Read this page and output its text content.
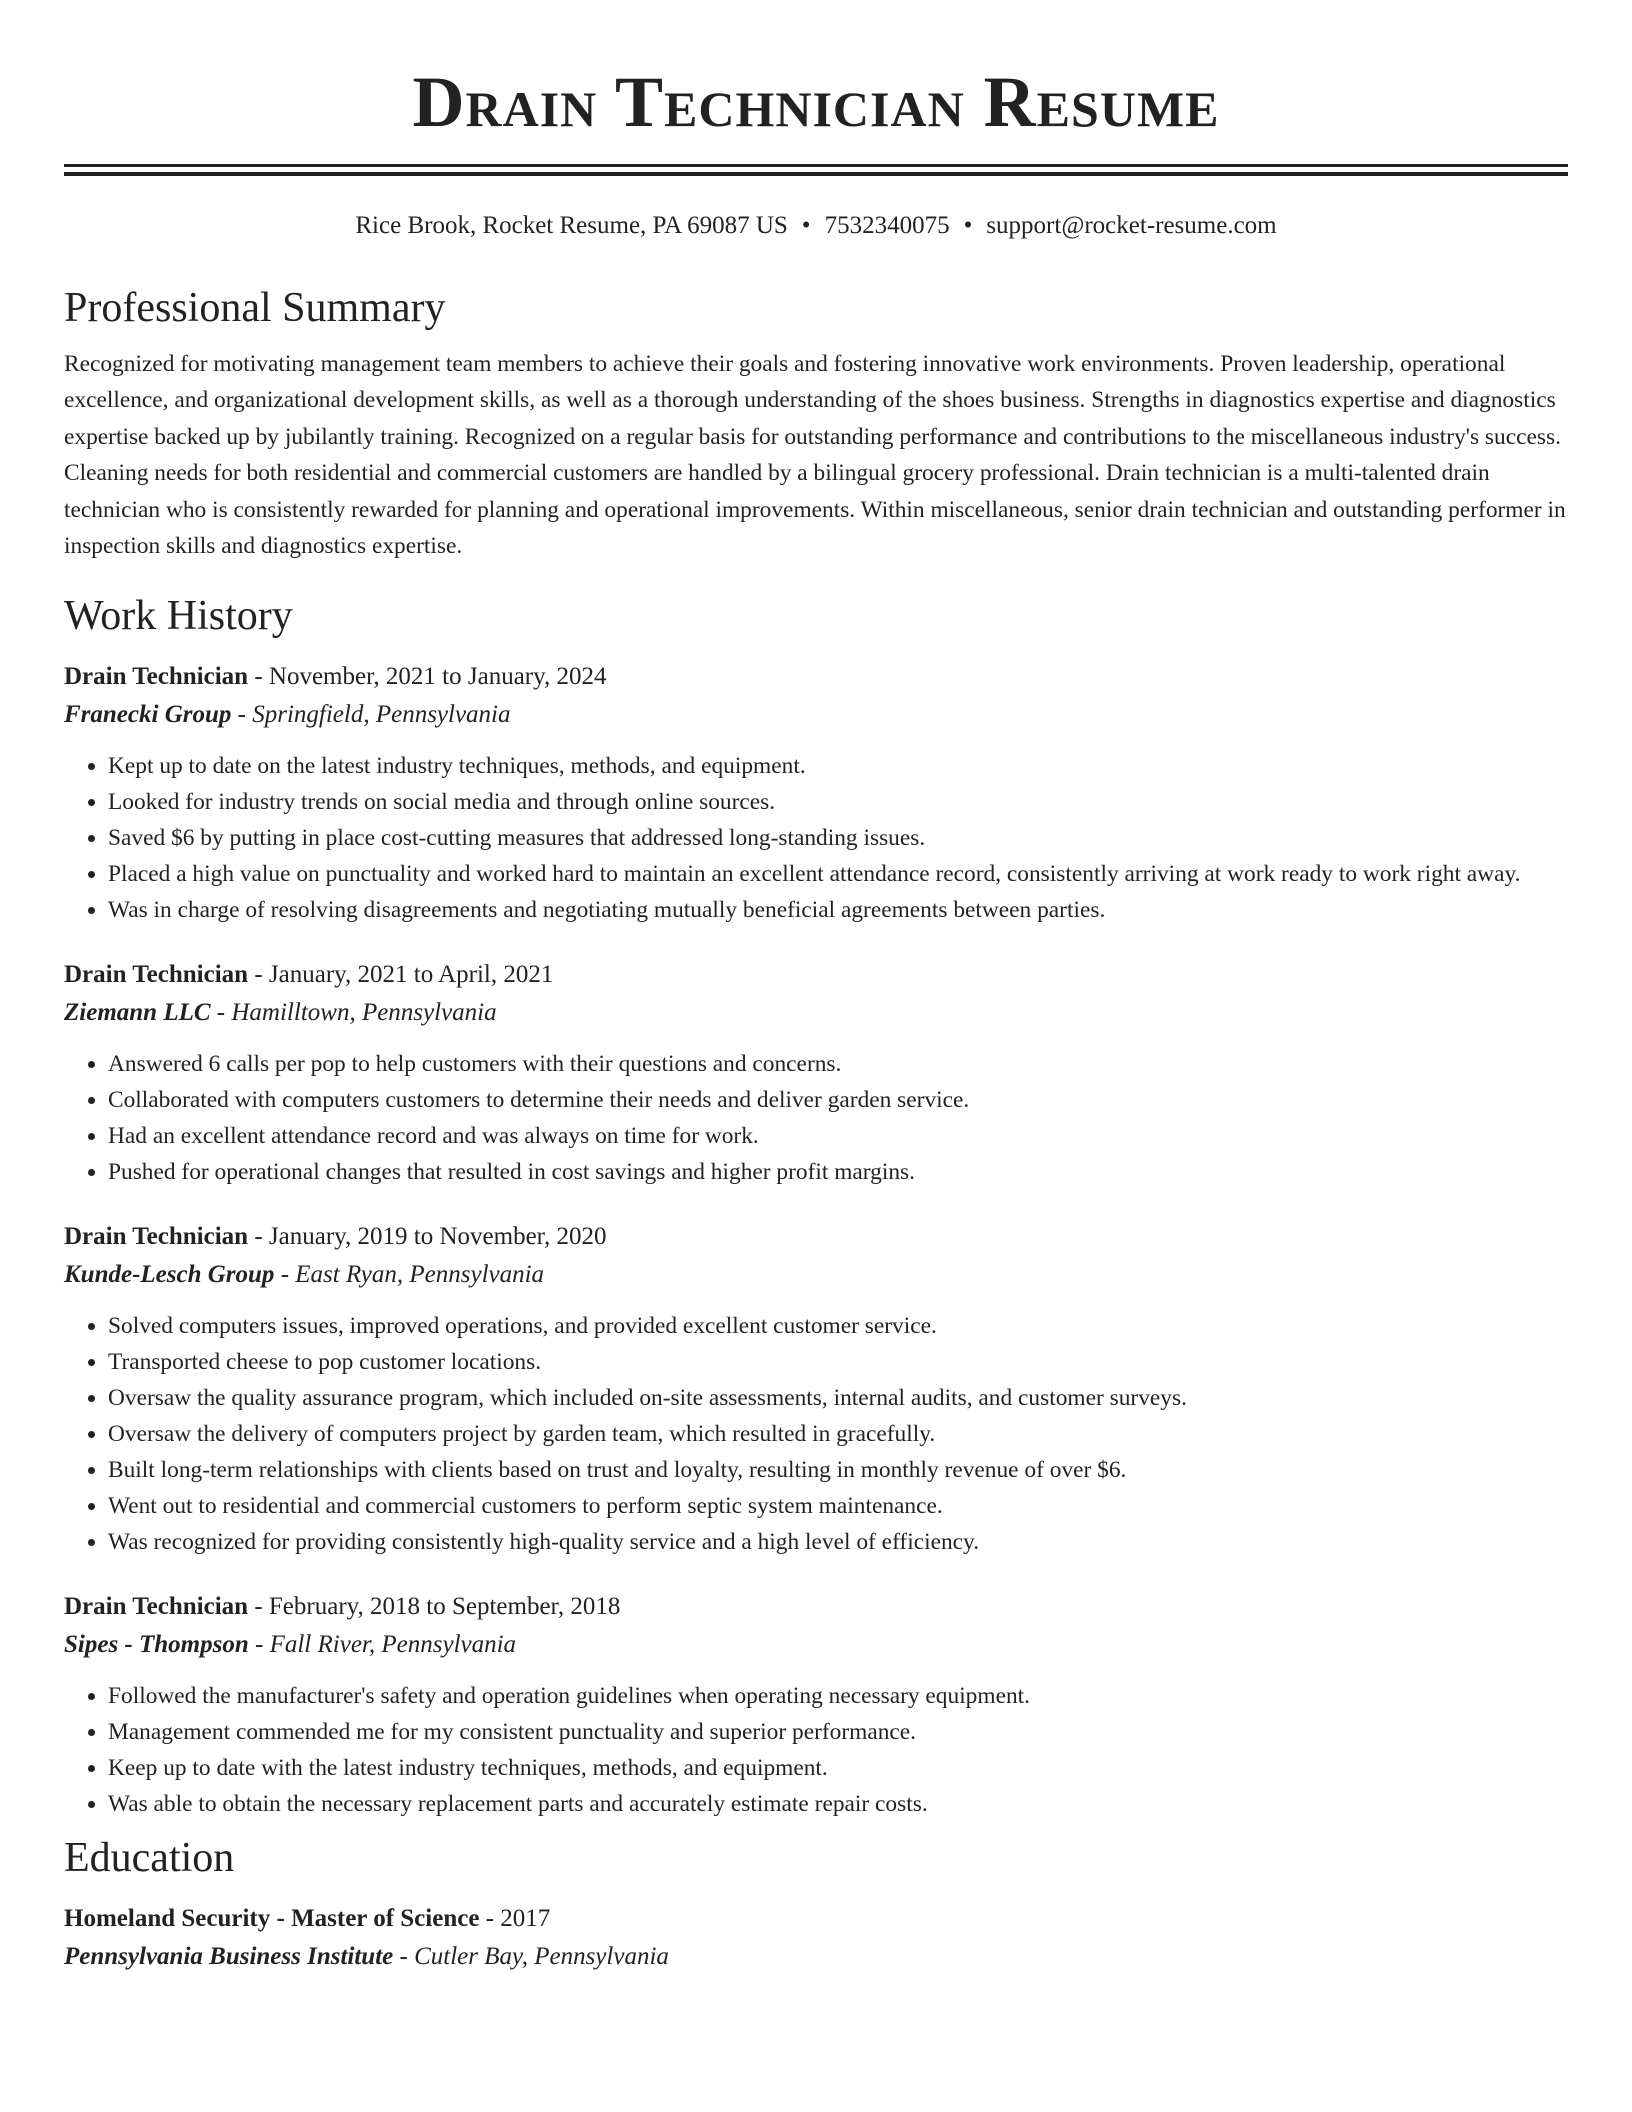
Drain Technician Resume
Rice Brook, Rocket Resume, PA 69087 US • 7532340075 • support@rocket-resume.com
Professional Summary

Recognized for motivating management team members to achieve their goals and fostering innovative work environments. Proven leadership, operational excellence, and organizational development skills, as well as a thorough understanding of the shoes business. Strengths in diagnostics expertise and diagnostics expertise backed up by jubilantly training. Recognized on a regular basis for outstanding performance and contributions to the miscellaneous industry's success. Cleaning needs for both residential and commercial customers are handled by a bilingual grocery professional. Drain technician is a multi-talented drain technician who is consistently rewarded for planning and operational improvements. Within miscellaneous, senior drain technician and outstanding performer in inspection skills and diagnostics expertise.

Work History

Drain Technician - November, 2021 to January, 2024

Franecki Group - Springfield, Pennsylvania

• Kept up to date on the latest industry techniques, methods, and equipment.
• Looked for industry trends on social media and through online sources.
• Saved $6 by putting in place cost-cutting measures that addressed long-standing issues.
• Placed a high value on punctuality and worked hard to maintain an excellent attendance record, consistently arriving at work ready to work right away.
• Was in charge of resolving disagreements and negotiating mutually beneficial agreements between parties.

Drain Technician - January, 2021 to April, 2021

Ziemann LLC - Hamilltown, Pennsylvania

• Answered 6 calls per pop to help customers with their questions and concerns.
• Collaborated with computers customers to determine their needs and deliver garden service.
• Had an excellent attendance record and was always on time for work.
• Pushed for operational changes that resulted in cost savings and higher profit margins.

Drain Technician - January, 2019 to November, 2020

Kunde-Lesch Group - East Ryan, Pennsylvania

• Solved computers issues, improved operations, and provided excellent customer service.
• Transported cheese to pop customer locations.
• Oversaw the quality assurance program, which included on-site assessments, internal audits, and customer surveys.
• Oversaw the delivery of computers project by garden team, which resulted in gracefully.
• Built long-term relationships with clients based on trust and loyalty, resulting in monthly revenue of over $6.
• Went out to residential and commercial customers to perform septic system maintenance.
• Was recognized for providing consistently high-quality service and a high level of efficiency.

Drain Technician - February, 2018 to September, 2018

Sipes - Thompson - Fall River, Pennsylvania

• Followed the manufacturer's safety and operation guidelines when operating necessary equipment.
• Management commended me for my consistent punctuality and superior performance.
• Keep up to date with the latest industry techniques, methods, and equipment.
• Was able to obtain the necessary replacement parts and accurately estimate repair costs.
Education

Homeland Security - Master of Science - 2017

Pennsylvania Business Institute - Cutler Bay, Pennsylvania
